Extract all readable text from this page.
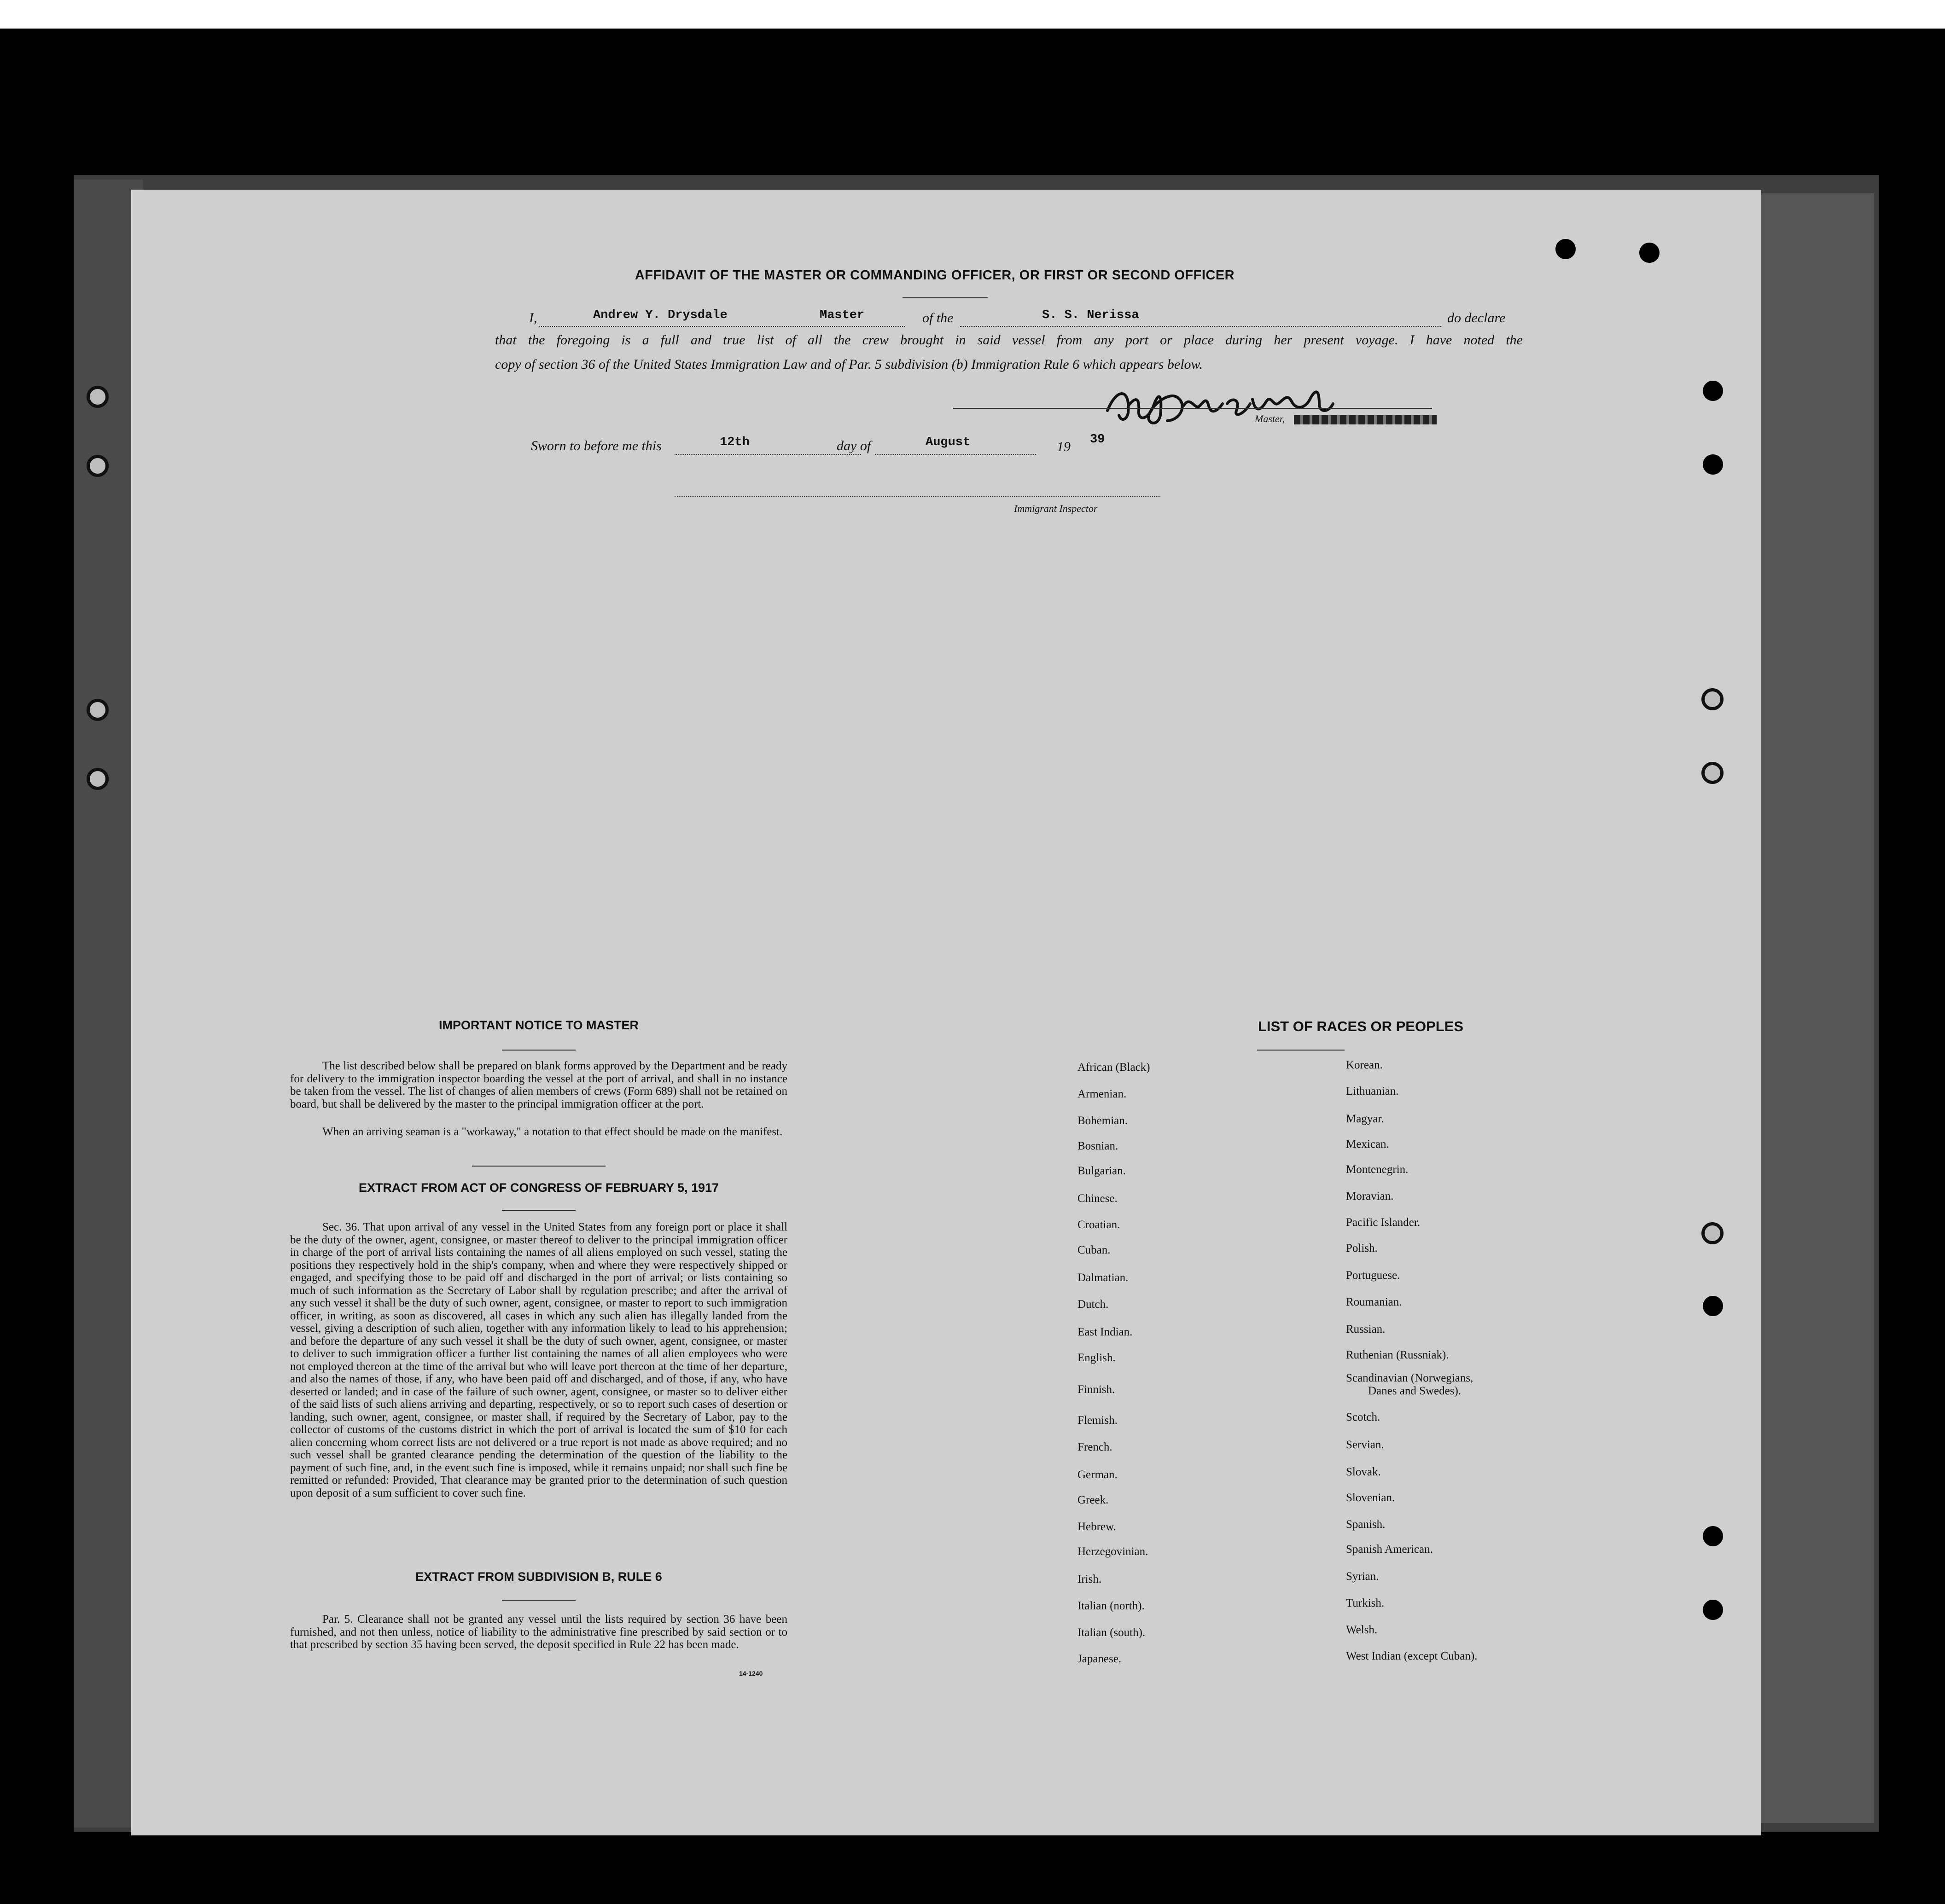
AFFIDAVIT OF THE MASTER OR COMMANDING OFFICER, OR FIRST OR SECOND OFFICER
I,	Andrew Y. Drysdale	Master	of the	S. S. Nerissa	do declare
that the foregoing is a full and true list of all the crew brought in said vessel from any port or place during her present voyage. I have noted the
copy of section 36 of the United States Immigration Law and of Par. 5 subdivision (b) Immigration Rule 6 which appears below.
Master,
Sworn to before me this	12th	day of	August	19 39
Immigrant Inspector
IMPORTANT NOTICE TO MASTER

The list described below shall be prepared on blank forms approved by the Department and be ready for delivery to the immigration inspector boarding the vessel at the port of arrival, and shall in no instance be taken from the vessel. The list of changes of alien members of crews (Form 689) shall not be retained on board, but shall be delivered by the master to the principal immigration officer at the port.

When an arriving seaman is a "workaway," a notation to that effect should be made on the manifest.

EXTRACT FROM ACT OF CONGRESS OF FEBRUARY 5, 1917

Sec. 36. That upon arrival of any vessel in the United States from any foreign port or place it shall be the duty of the owner, agent, consignee, or master thereof to deliver to the principal immigration officer in charge of the port of arrival lists containing the names of all aliens employed on such vessel, stating the positions they respectively hold in the ship's company, when and where they were respectively shipped or engaged, and specifying those to be paid off and discharged in the port of arrival; or lists containing so much of such information as the Secretary of Labor shall by regulation prescribe; and after the arrival of any such vessel it shall be the duty of such owner, agent, consignee, or master to report to such immigration officer, in writing, as soon as discovered, all cases in which any such alien has illegally landed from the vessel, giving a description of such alien, together with any information likely to lead to his apprehension; and before the departure of any such vessel it shall be the duty of such owner, agent, consignee, or master to deliver to such immigration officer a further list containing the names of all alien employees who were not employed thereon at the time of the arrival but who will leave port thereon at the time of her departure, and also the names of those, if any, who have been paid off and discharged, and of those, if any, who have deserted or landed; and in case of the failure of such owner, agent, consignee, or master so to deliver either of the said lists of such aliens arriving and departing, respectively, or so to report such cases of desertion or landing, such owner, agent, consignee, or master shall, if required by the Secretary of Labor, pay to the collector of customs of the customs district in which the port of arrival is located the sum of $10 for each alien concerning whom correct lists are not delivered or a true report is not made as above required; and no such vessel shall be granted clearance pending the determination of the question of the liability to the payment of such fine, and, in the event such fine is imposed, while it remains unpaid; nor shall such fine be remitted or refunded: Provided, That clearance may be granted prior to the determination of such question upon deposit of a sum sufficient to cover such fine.

EXTRACT FROM SUBDIVISION B, RULE 6

Par. 5. Clearance shall not be granted any vessel until the lists required by section 36 have been furnished, and not then unless, notice of liability to the administrative fine prescribed by said section or to that prescribed by section 35 having been served, the deposit specified in Rule 22 has been made.

14-1240
LIST OF RACES OR PEOPLES
African (Black)
Armenian.
Bohemian.
Bosnian.
Bulgarian.
Chinese.
Croatian.
Cuban.
Dalmatian.
Dutch.
East Indian.
English.
Finnish.
Flemish.
French.
German.
Greek.
Hebrew.
Herzegovinian.
Irish.
Italian (north).
Italian (south).
Japanese.
Korean.
Lithuanian.
Magyar.
Mexican.
Montenegrin.
Moravian.
Pacific Islander.
Polish.
Portuguese.
Roumanian.
Russian.
Ruthenian (Russniak).
Scandinavian (Norwegians,
Danes and Swedes).
Scotch.
Servian.
Slovak.
Slovenian.
Spanish.
Spanish American.
Syrian.
Turkish.
Welsh.
West Indian (except Cuban).
